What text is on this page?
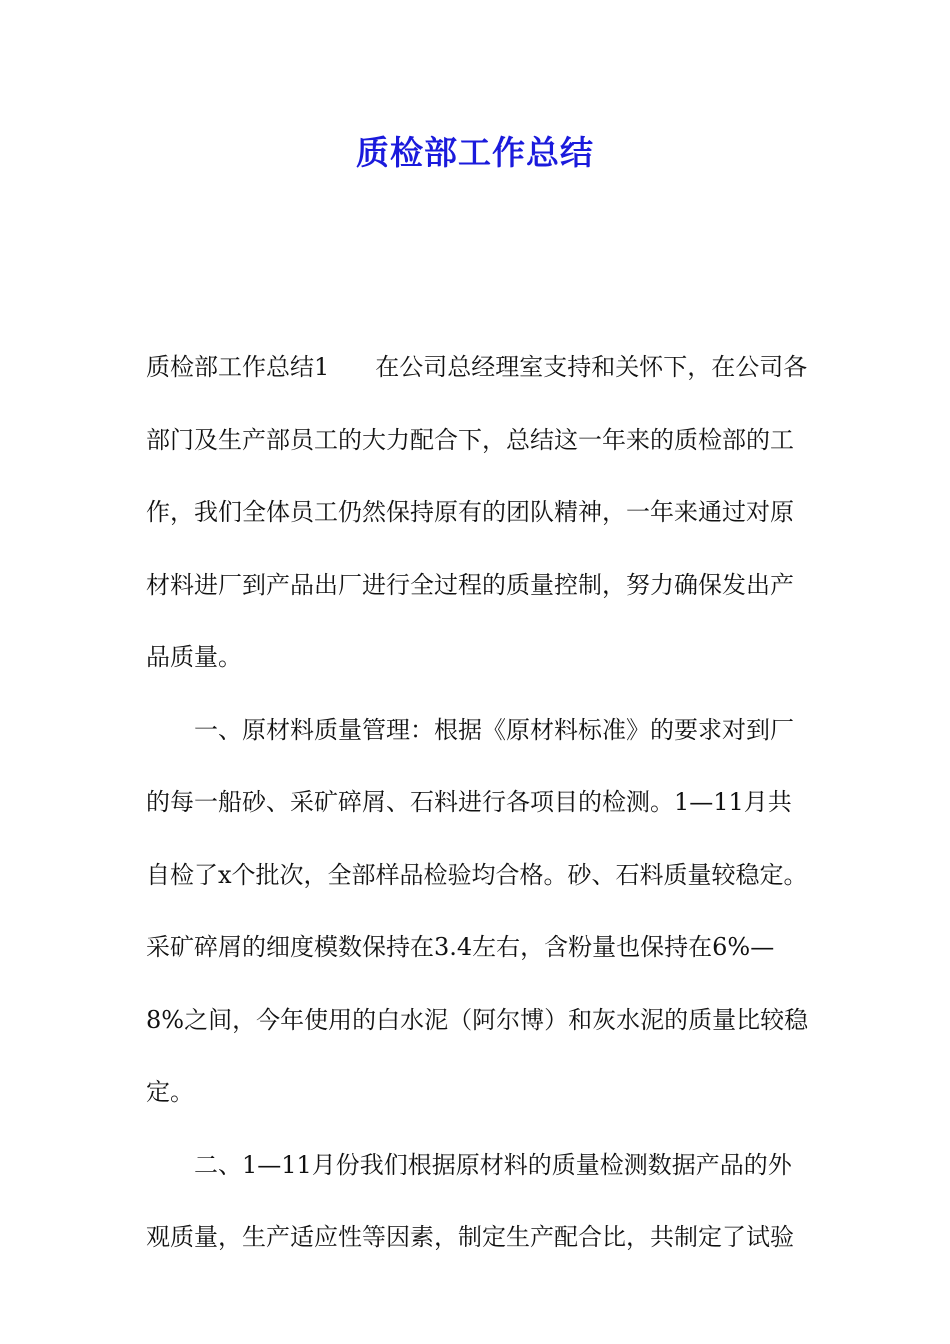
质检部工作总结

质检部工作总结1 在公司总经理室支持和关怀下，在公司各部门及生产部员工的大力配合下，总结这一年来的质检部的工作，我们全体员工仍然保持原有的团队精神，一年来通过对原材料进厂到产品出厂进行全过程的质量控制，努力确保发出产品质量。

一、原材料质量管理：根据《原材料标准》的要求对到厂的每一船砂、采矿碎屑、石料进行各项目的检测。1—11月共自检了x个批次，全部样品检验均合格。砂、石料质量较稳定。采矿碎屑的细度模数保持在3.4左右，含粉量也保持在6%—8%之间，今年使用的白水泥（阿尔博）和灰水泥的质量比较稳定。

二、1—11月份我们根据原材料的质量检测数据产品的外观质量，生产适应性等因素，制定生产配合比，共制定了试验
